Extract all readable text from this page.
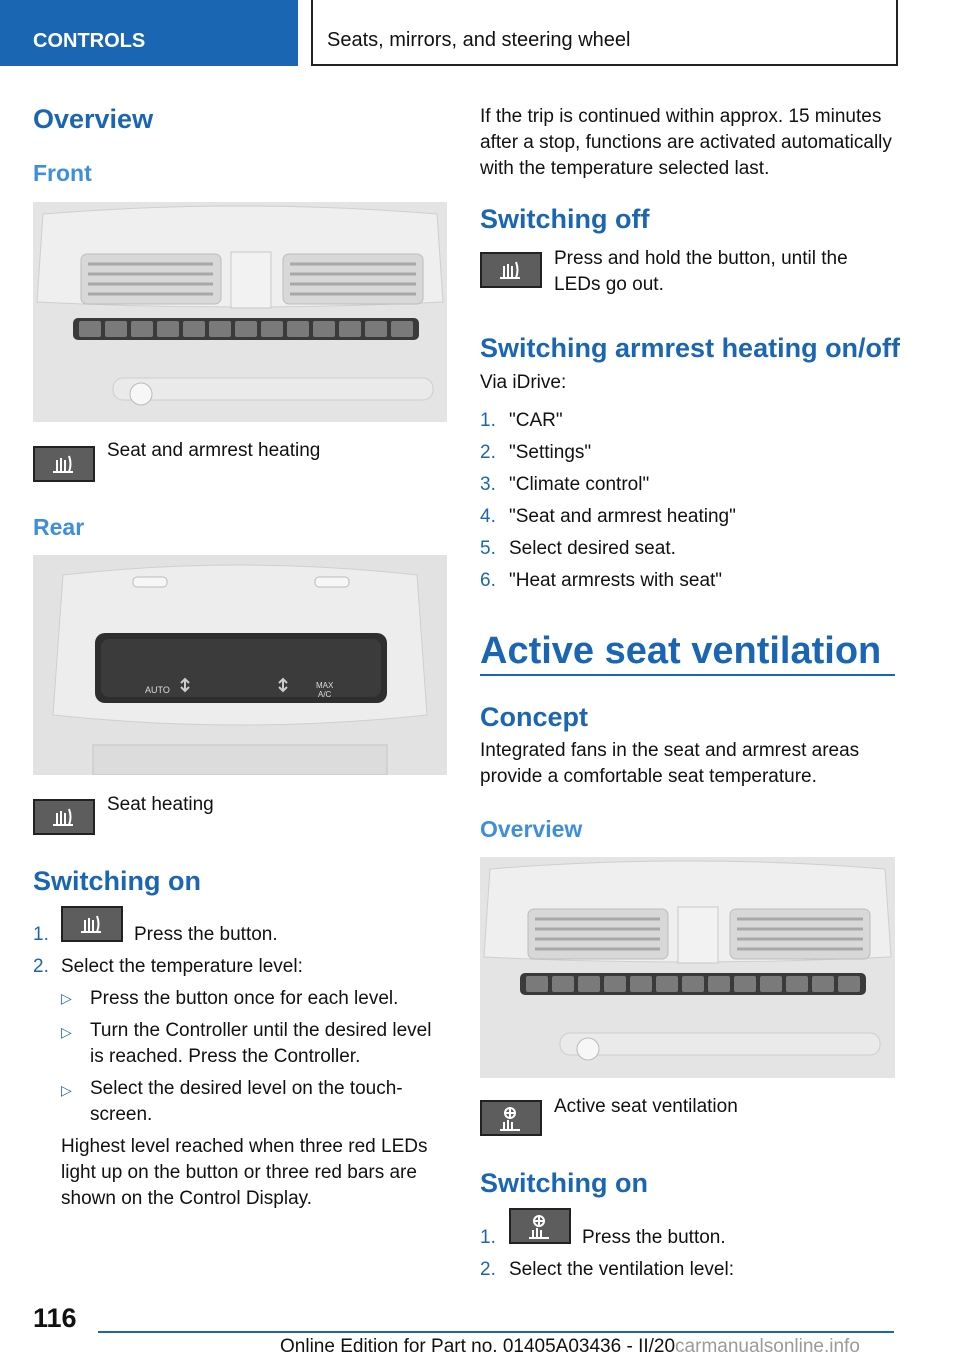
CONTROLS	Seats, mirrors, and steering wheel
Overview
Front
Seat and armrest heating
Rear
AUTO	MAX
A/C
Seat heating
Switching on
1.	Press the button.
2. Select the temperature level:
▷ Press the button once for each level.
▷ Turn the Controller until the desired level
is reached. Press the Controller.
▷ Select the desired level on the touch-
screen.
Highest level reached when three red LEDs
light up on the button or three red bars are
shown on the Control Display.
If the trip is continued within approx. 15 minutes
after a stop, functions are activated automatically
with the temperature selected last.
Switching off
Press and hold the button, until the
LEDs go out.
Switching armrest heating on/off
Via iDrive:
1. "CAR"
2. "Settings"
3. "Climate control"
4. "Seat and armrest heating"
5. Select desired seat.
6. "Heat armrests with seat"
Active seat ventilation
Concept
Integrated fans in the seat and armrest areas
provide a comfortable seat temperature.
Overview
Active seat ventilation
Switching on
1.	Press the button.
2. Select the ventilation level:
116
Online Edition for Part no. 01405A03436 - II/20carmanualsonline.info
